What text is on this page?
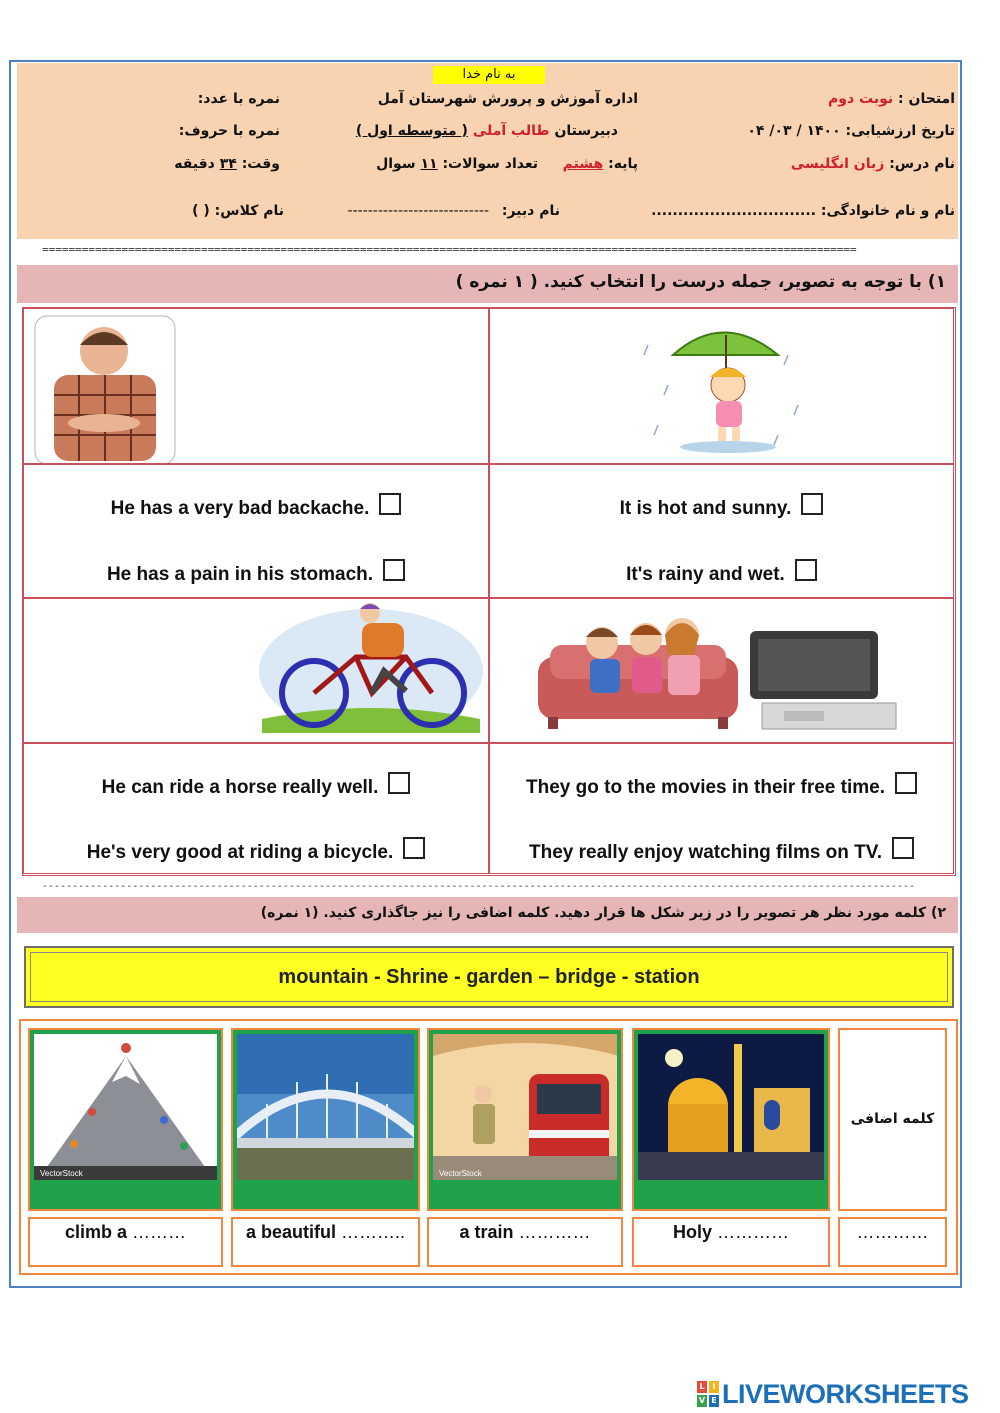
امتحان : نوبت دوم
اداره آموزش و پرورش شهرستان آمل
نمره با عدد:
تاریخ ارزشیابی: ۱۴۰۰ / ۰۳/ ۰۴
دبیرستان طالب آملی ( متوسطه اول )
نمره با حروف:
نام درس: زبان انگلیسی
پایه: هشتم
تعداد سوالات: ۱۱ سوال
وقت: ۳۴ دقیقه
نام و نام خانوادگی: ...............................
نام دبیر: ----------------------------
نام کلاس: ( )
به نام خدا
===========================================================================================================================
۱) با توجه به تصویر، جمله درست را انتخاب کنید. ( ۱ نمره )
It is hot and sunny.
It's rainy and wet.
He has a very bad backache.
He has a pain in his stomach.
They go to the movies in their free time.
They really enjoy watching films on TV.
He can ride a horse really well.
He's very good at riding a bicycle.
-------------------------------------------------------------------------------------------------------------------------------------------------
۲) کلمه مورد نظر هر تصویر را در زیر شکل ها قرار دهید. کلمه اضافی را نیز جاگذاری کنید. (۱ نمره)
mountain - Shrine - garden – bridge - station
VectorStock	VectorStock
کلمه اضافی
climb a ………	a beautiful ………..	a train …………	Holy …………	…………
L I
V E LIVEWORKSHEETS
